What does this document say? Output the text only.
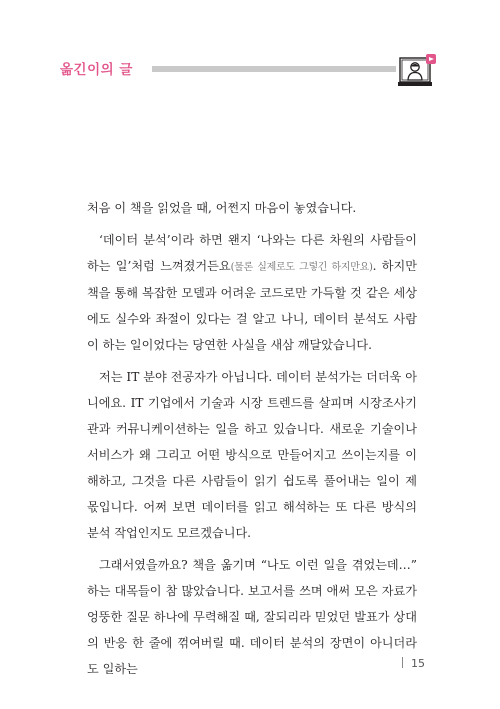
옮긴이의 글

처음 이 책을 읽었을 때, 어쩐지 마음이 놓였습니다.

‘데이터 분석’이라 하면 왠지 ‘나와는 다른 차원의 사람들이 하는 일’처럼 느껴졌거든요(물론 실제로도 그렇긴 하지만요). 하지만 책을 통해 복잡한 모델과 어려운 코드로만 가득할 것 같은 세상에도 실수와 좌절이 있다는 걸 알고 나니, 데이터 분석도 사람이 하는 일이었다는 당연한 사실을 새삼 깨달았습니다.

저는 IT 분야 전공자가 아닙니다. 데이터 분석가는 더더욱 아니에요. IT 기업에서 기술과 시장 트렌드를 살피며 시장조사기관과 커뮤니케이션하는 일을 하고 있습니다. 새로운 기술이나 서비스가 왜 그리고 어떤 방식으로 만들어지고 쓰이는지를 이해하고, 그것을 다른 사람들이 읽기 쉽도록 풀어내는 일이 제 몫입니다. 어쩌 보면 데이터를 읽고 해석하는 또 다른 방식의 분석 작업인지도 모르겠습니다.

그래서였을까요? 책을 옮기며 “나도 이런 일을 겪었는데…” 하는 대목들이 참 많았습니다. 보고서를 쓰며 애써 모은 자료가 엉뚱한 질문 하나에 무력해질 때, 잘되리라 믿었던 발표가 상대의 반응 한 줄에 꺾여버릴 때. 데이터 분석의 장면이 아니더라도 일하는	15
